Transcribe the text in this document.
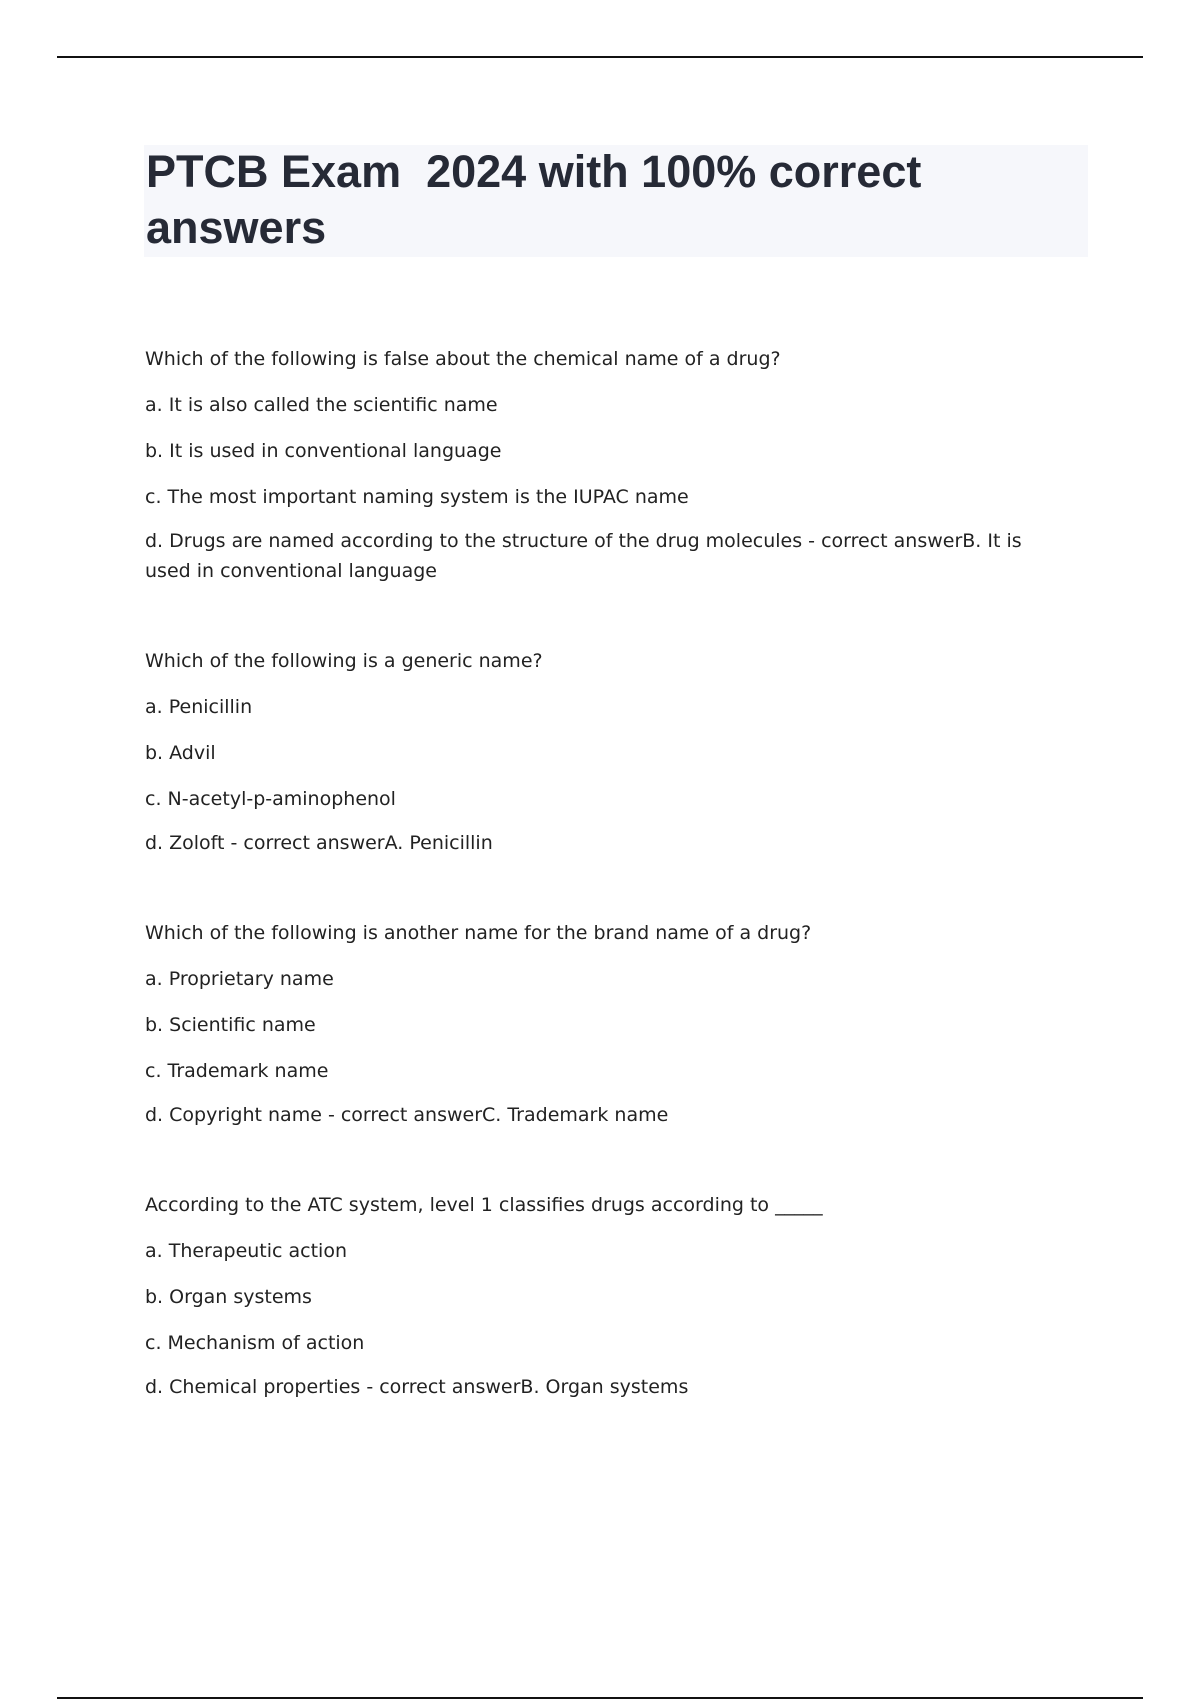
PTCB Exam  2024 with 100% correct answers

Which of the following is false about the chemical name of a drug?

a. It is also called the scientific name

b. It is used in conventional language

c. The most important naming system is the IUPAC name

d. Drugs are named according to the structure of the drug molecules - correct answerB. It is used in conventional language

Which of the following is a generic name?

a. Penicillin

b. Advil

c. N-acetyl-p-aminophenol

d. Zoloft - correct answerA. Penicillin

Which of the following is another name for the brand name of a drug?

a. Proprietary name

b. Scientific name

c. Trademark name

d. Copyright name - correct answerC. Trademark name

According to the ATC system, level 1 classifies drugs according to _____

a. Therapeutic action

b. Organ systems

c. Mechanism of action

d. Chemical properties - correct answerB. Organ systems
